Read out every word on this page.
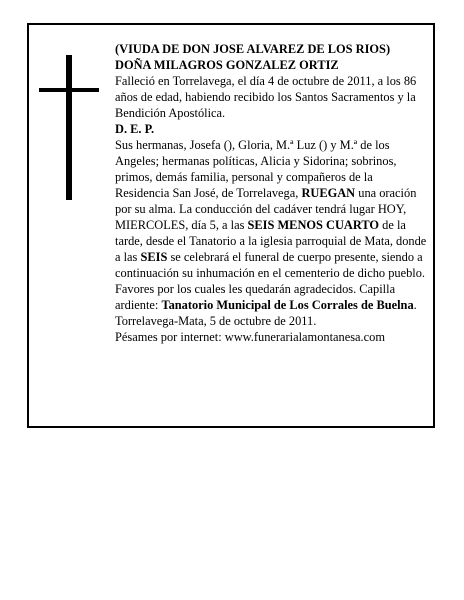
(VIUDA DE DON JOSE ALVAREZ DE LOS RIOS)

DOÑA MILAGROS GONZALEZ ORTIZ

Falleció en Torrelavega, el día 4 de octubre de 2011, a los 86 años de edad, habiendo recibido los Santos Sacramentos y la Bendición Apostólica.

D. E. P.

Sus hermanas, Josefa (), Gloria, M.ª Luz () y M.ª de los Angeles; hermanas políticas, Alicia y Sidorina; sobrinos, primos, demás familia, personal y compañeros de la Residencia San José, de Torrelavega, RUEGAN una oración por su alma. La conducción del cadáver tendrá lugar HOY, MIERCOLES, día 5, a las SEIS MENOS CUARTO de la tarde, desde el Tanatorio a la iglesia parroquial de Mata, donde a las SEIS se celebrará el funeral de cuerpo presente, siendo a continuación su inhumación en el cementerio de dicho pueblo. Favores por los cuales les quedarán agradecidos. Capilla ardiente: Tanatorio Municipal de Los Corrales de Buelna.

Torrelavega-Mata, 5 de octubre de 2011.

Pésames por internet: www.funerarialamontanesa.com
